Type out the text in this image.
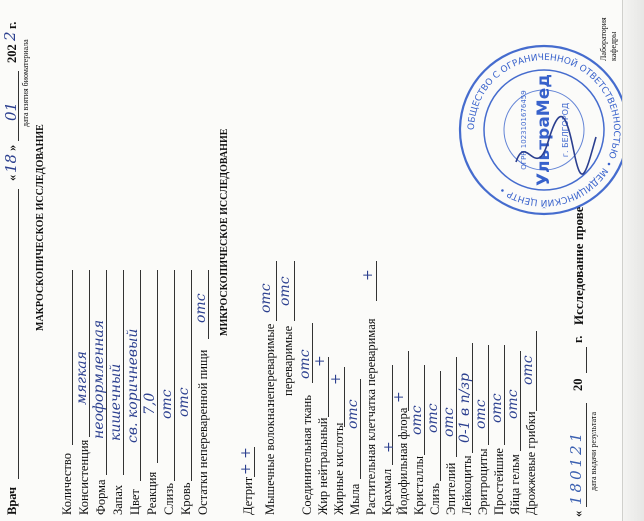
Врач
«
18
»
01
202
2
г.
дата взятия биоматериала
МАКРОСКОПИЧЕСКОЕ ИССЛЕДОВАНИЕ
Количество Консистенция
мягкая
Форма
неоформленная
Запах
кишечный
Цвет
св. коричневый
Реакция
7,0
Слизь
отс
Кровь
отс Остатки непереваренной пищи
отс МИКРОСКОПИЧЕСКОЕ ИССЛЕДОВАНИЕ
Детрит
+ + Мышечные волокна:
непереваримые
отс
переваримые
отс
Соединительная ткань
отс
Жир нейтральный
+
Жирные кислоты
+
Мыла
отс Растительная клетчатка переваримая
+
Крахмал
+ Йодофильная флора
+
Кристаллы
отс
Слизь
отс
Эпителий
отс
Лейкоциты
0-1 в п/зр
Эритроциты
отс
Простейшие
отс
Яйца гельм
отс
Дрожжевые грибки
отс
«
180121
20
г.
Исследование прове
дата выдачи результата
Лаборатория кафедры
ОБЩЕСТВО С ОГРАНИЧЕННОЙ ОТВЕТСТВЕННОСТЬЮ • МЕДИЦИНСКИЙ ЦЕНТР •
УльтраМед г. БЕЛГОРОД
ОГРН 1023101676459
